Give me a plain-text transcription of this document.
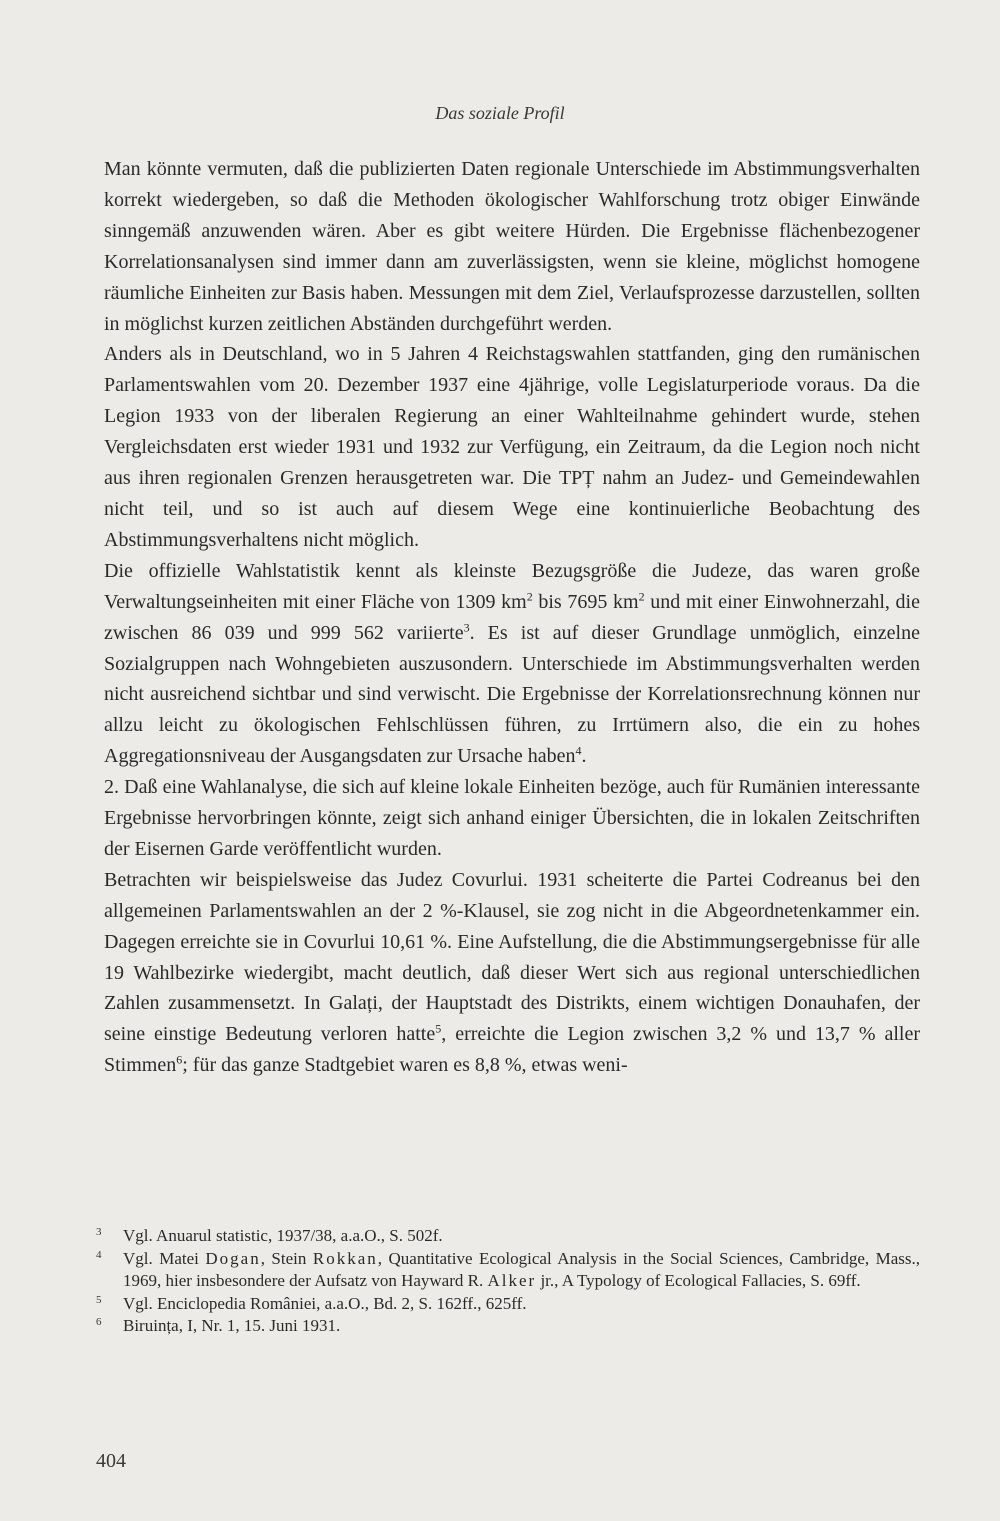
Das soziale Profil

Man könnte vermuten, daß die publizierten Daten regionale Unterschiede im Abstimmungsverhalten korrekt wiedergeben, so daß die Methoden ökologischer Wahlforschung trotz obiger Einwände sinngemäß anzuwenden wären. Aber es gibt weitere Hürden. Die Ergebnisse flächenbezogener Korrelationsanalysen sind immer dann am zuverlässigsten, wenn sie kleine, möglichst homogene räumliche Einheiten zur Basis haben. Messungen mit dem Ziel, Verlaufsprozesse darzustellen, sollten in möglichst kurzen zeitlichen Abständen durchgeführt werden.

Anders als in Deutschland, wo in 5 Jahren 4 Reichstagswahlen stattfanden, ging den rumänischen Parlamentswahlen vom 20. Dezember 1937 eine 4jährige, volle Legislaturperiode voraus. Da die Legion 1933 von der liberalen Regierung an einer Wahlteilnahme gehindert wurde, stehen Vergleichsdaten erst wieder 1931 und 1932 zur Verfügung, ein Zeitraum, da die Legion noch nicht aus ihren regionalen Grenzen herausgetreten war. Die TPȚ nahm an Judez- und Gemeindewahlen nicht teil, und so ist auch auf diesem Wege eine kontinuierliche Beobachtung des Abstimmungsverhaltens nicht möglich.

Die offizielle Wahlstatistik kennt als kleinste Bezugsgröße die Judeze, das waren große Verwaltungseinheiten mit einer Fläche von 1309 $km^2$ bis 7695 $km^2$ und mit einer Einwohnerzahl, die zwischen 86 039 und 999 562 variierte$^3$. Es ist auf dieser Grundlage unmöglich, einzelne Sozialgruppen nach Wohngebieten auszusondern. Unterschiede im Abstimmungsverhalten werden nicht ausreichend sichtbar und sind verwischt. Die Ergebnisse der Korrelationsrechnung können nur allzu leicht zu ökologischen Fehlschlüssen führen, zu Irrtümern also, die ein zu hohes Aggregationsniveau der Ausgangsdaten zur Ursache haben$^4$.

2. Daß eine Wahlanalyse, die sich auf kleine lokale Einheiten bezöge, auch für Rumänien interessante Ergebnisse hervorbringen könnte, zeigt sich anhand einiger Übersichten, die in lokalen Zeitschriften der Eisernen Garde veröffentlicht wurden.

Betrachten wir beispielsweise das Judez Covurlui. 1931 scheiterte die Partei Codreanus bei den allgemeinen Parlamentswahlen an der 2 %-Klausel, sie zog nicht in die Abgeordnetenkammer ein. Dagegen erreichte sie in Covurlui 10,61 %. Eine Aufstellung, die die Abstimmungsergebnisse für alle 19 Wahlbezirke wiedergibt, macht deutlich, daß dieser Wert sich aus regional unterschiedlichen Zahlen zusammensetzt. In Galați, der Hauptstadt des Distrikts, einem wichtigen Donauhafen, der seine einstige Bedeutung verloren hatte$^5$, erreichte die Legion zwischen 3,2 % und 13,7 % aller Stimmen$^6$; für das ganze Stadtgebiet waren es 8,8 %, etwas weni-

3 Vgl. Anuarul statistic, 1937/38, a.a.O., S. 502f.
4 Vgl. Matei Dogan, Stein Rokkan, Quantitative Ecological Analysis in the Social Sciences, Cambridge, Mass., 1969, hier insbesondere der Aufsatz von Hayward R. Alker jr., A Typology of Ecological Fallacies, S. 69ff.
5 Vgl. Enciclopedia României, a.a.O., Bd. 2, S. 162ff., 625ff.
6 Biruința, I, Nr. 1, 15. Juni 1931.
404
